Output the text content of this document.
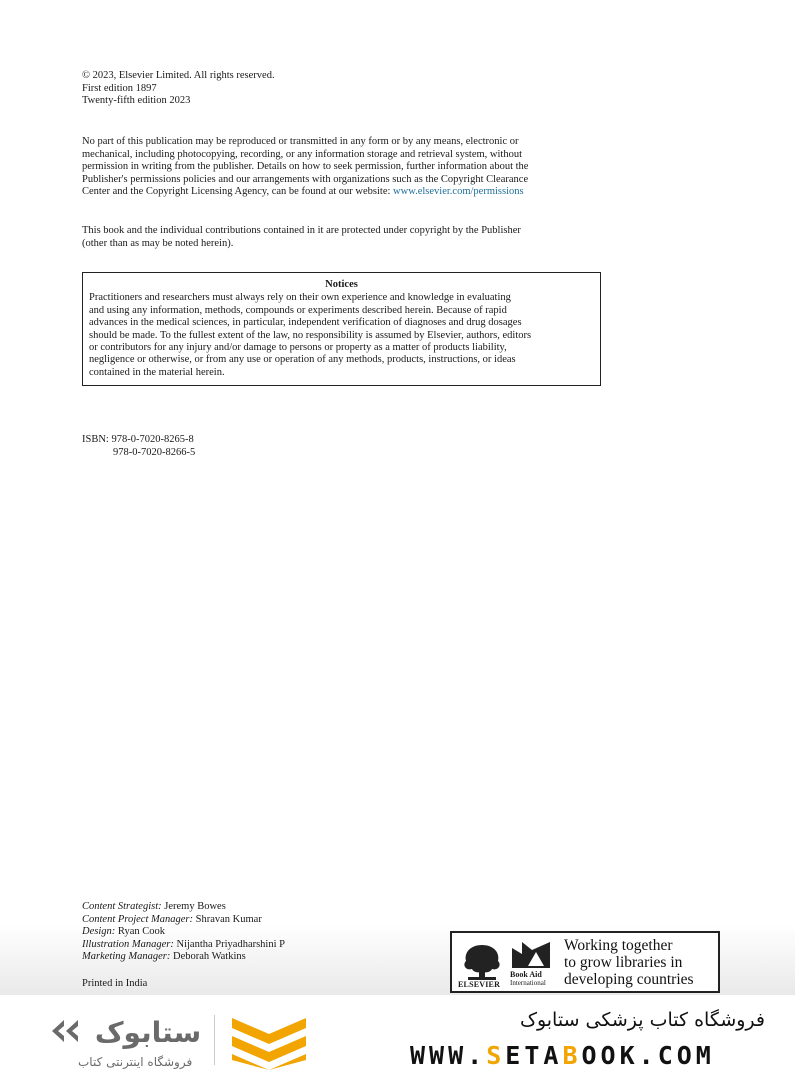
© 2023, Elsevier Limited. All rights reserved.
First edition 1897
Twenty-fifth edition 2023
No part of this publication may be reproduced or transmitted in any form or by any means, electronic or
mechanical, including photocopying, recording, or any information storage and retrieval system, without
permission in writing from the publisher. Details on how to seek permission, further information about the
Publisher's permissions policies and our arrangements with organizations such as the Copyright Clearance
Center and the Copyright Licensing Agency, can be found at our website: www.elsevier.com/permissions
This book and the individual contributions contained in it are protected under copyright by the Publisher
(other than as may be noted herein).
Notices
Practitioners and researchers must always rely on their own experience and knowledge in evaluating
and using any information, methods, compounds or experiments described herein. Because of rapid
advances in the medical sciences, in particular, independent verification of diagnoses and drug dosages
should be made. To the fullest extent of the law, no responsibility is assumed by Elsevier, authors, editors
or contributors for any injury and/or damage to persons or property as a matter of products liability,
negligence or otherwise, or from any use or operation of any methods, products, instructions, or ideas
contained in the material herein.
ISBN: 978-0-7020-8265-8
978-0-7020-8266-5
Content Strategist: Jeremy Bowes
Content Project Manager: Shravan Kumar
Design: Ryan Cook
Illustration Manager: Nijantha Priyadharshini P
Marketing Manager: Deborah Watkins
Printed in India	ELSEVIER
Book Aid
International
Working together
to grow libraries in
developing countries
ستابوک
فروشگاه اینترنتی کتاب
فروشگاه کتاب پزشکی ستابوک
WWW.SETABOOK.COM
